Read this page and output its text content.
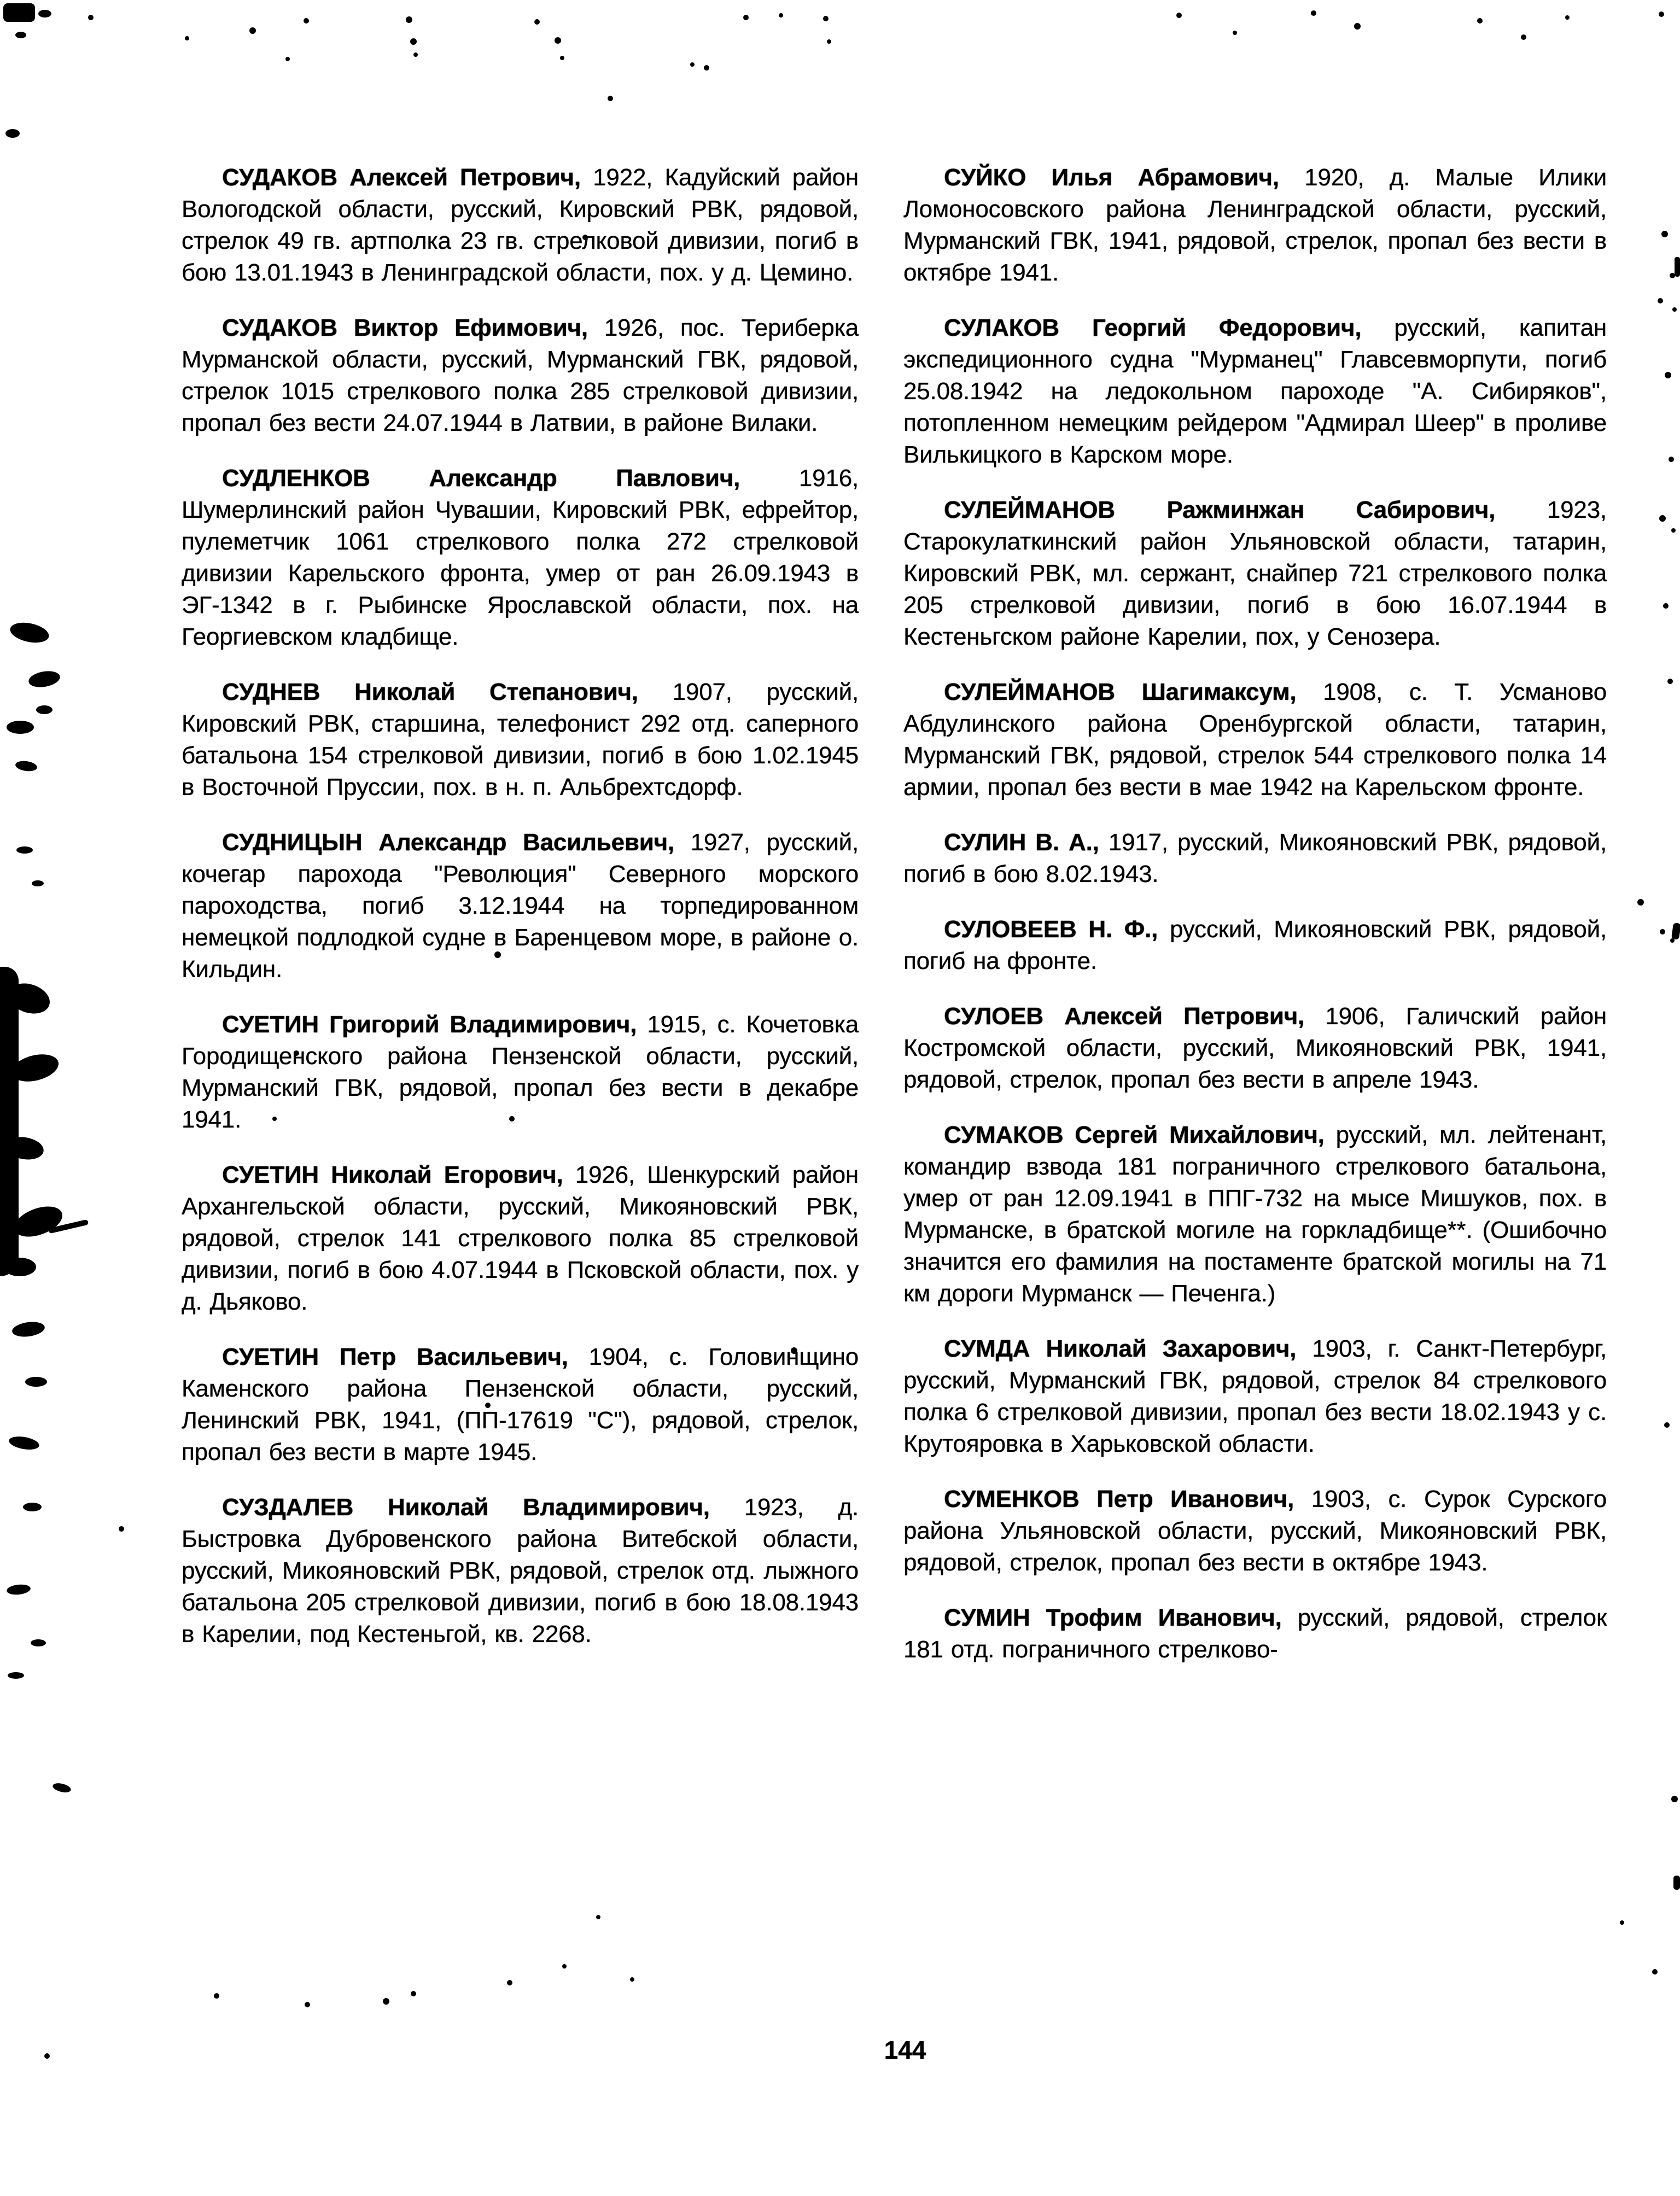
СУДАКОВ Алексей Петрович, 1922, Кадуйский район Вологодской области, русский, Кировский РВК, рядовой, стрелок 49 гв. артполка 23 гв. стрелковой дивизии, погиб в бою 13.01.1943 в Ленинградской области, пох. у д. Цемино.

СУДАКОВ Виктор Ефимович, 1926, пос. Териберка Мурманской области, русский, Мурманский ГВК, рядовой, стрелок 1015 стрелкового полка 285 стрелковой дивизии, пропал без вести 24.07.1944 в Латвии, в районе Вилаки.

СУДЛЕНКОВ Александр Павлович, 1916, Шумерлинский район Чувашии, Кировский РВК, ефрейтор, пулеметчик 1061 стрелкового полка 272 стрелковой дивизии Карельского фронта, умер от ран 26.09.1943 в ЭГ-1342 в г. Рыбинске Ярославской области, пох. на Георгиевском кладбище.

СУДНЕВ Николай Степанович, 1907, русский, Кировский РВК, старшина, телефонист 292 отд. саперного батальона 154 стрелковой дивизии, погиб в бою 1.02.1945 в Восточной Пруссии, пох. в н. п. Альбрехтсдорф.

СУДНИЦЫН Александр Васильевич, 1927, русский, кочегар парохода "Революция" Северного морского пароходства, погиб 3.12.1944 на торпедированном немецкой подлодкой судне в Баренцевом море, в районе о. Кильдин.

СУЕТИН Григорий Владимирович, 1915, с. Кочетовка Городищенского района Пензенской области, русский, Мурманский ГВК, рядовой, пропал без вести в декабре 1941.

СУЕТИН Николай Егорович, 1926, Шенкурский район Архангельской области, русский, Микояновский РВК, рядовой, стрелок 141 стрелкового полка 85 стрелковой дивизии, погиб в бою 4.07.1944 в Псковской области, пох. у д. Дьяково.

СУЕТИН Петр Васильевич, 1904, с. Головинщино Каменского района Пензенской области, русский, Ленинский РВК, 1941, (ПП-17619 "С"), рядовой, стрелок, пропал без вести в марте 1945.

СУЗДАЛЕВ Николай Владимирович, 1923, д. Быстровка Дубровенского района Витебской области, русский, Микояновский РВК, рядовой, стрелок отд. лыжного батальона 205 стрелковой дивизии, погиб в бою 18.08.1943 в Карелии, под Кестеньгой, кв. 2268.

СУЙКО Илья Абрамович, 1920, д. Малые Илики Ломоносовского района Ленинградской области, русский, Мурманский ГВК, 1941, рядовой, стрелок, пропал без вести в октябре 1941.

СУЛАКОВ Георгий Федорович, русский, капитан экспедиционного судна "Мурманец" Главсевморпути, погиб 25.08.1942 на ледокольном пароходе "А. Сибиряков", потопленном немецким рейдером "Адмирал Шеер" в проливе Вилькицкого в Карском море.

СУЛЕЙМАНОВ Ражминжан Сабирович, 1923, Старокулаткинский район Ульяновской области, татарин, Кировский РВК, мл. сержант, снайпер 721 стрелкового полка 205 стрелковой дивизии, погиб в бою 16.07.1944 в Кестеньгском районе Карелии, пох, у Сенозера.

СУЛЕЙМАНОВ Шагимаксум, 1908, с. Т. Усманово Абдулинского района Оренбургской области, татарин, Мурманский ГВК, рядовой, стрелок 544 стрелкового полка 14 армии, пропал без вести в мае 1942 на Карельском фронте.

СУЛИН В. А., 1917, русский, Микояновский РВК, рядовой, погиб в бою 8.02.1943.

СУЛОВЕЕВ Н. Ф., русский, Микояновский РВК, рядовой, погиб на фронте.

СУЛОЕВ Алексей Петрович, 1906, Галичский район Костромской области, русский, Микояновский РВК, 1941, рядовой, стрелок, пропал без вести в апреле 1943.

СУМАКОВ Сергей Михайлович, русский, мл. лейтенант, командир взвода 181 пограничного стрелкового батальона, умер от ран 12.09.1941 в ППГ-732 на мысе Мишуков, пох. в Мурманске, в братской могиле на горкладбище**. (Ошибочно значится его фамилия на постаменте братской могилы на 71 км дороги Мурманск — Печенга.)

СУМДА Николай Захарович, 1903, г. Санкт-Петербург, русский, Мурманский ГВК, рядовой, стрелок 84 стрелкового полка 6 стрелковой дивизии, пропал без вести 18.02.1943 у с. Крутояровка в Харьковской области.

СУМЕНКОВ Петр Иванович, 1903, с. Сурок Сурского района Ульяновской области, русский, Микояновский РВК, рядовой, стрелок, пропал без вести в октябре 1943.

СУМИН Трофим Иванович, русский, рядовой, стрелок 181 отд. пограничного стрелково-

144
